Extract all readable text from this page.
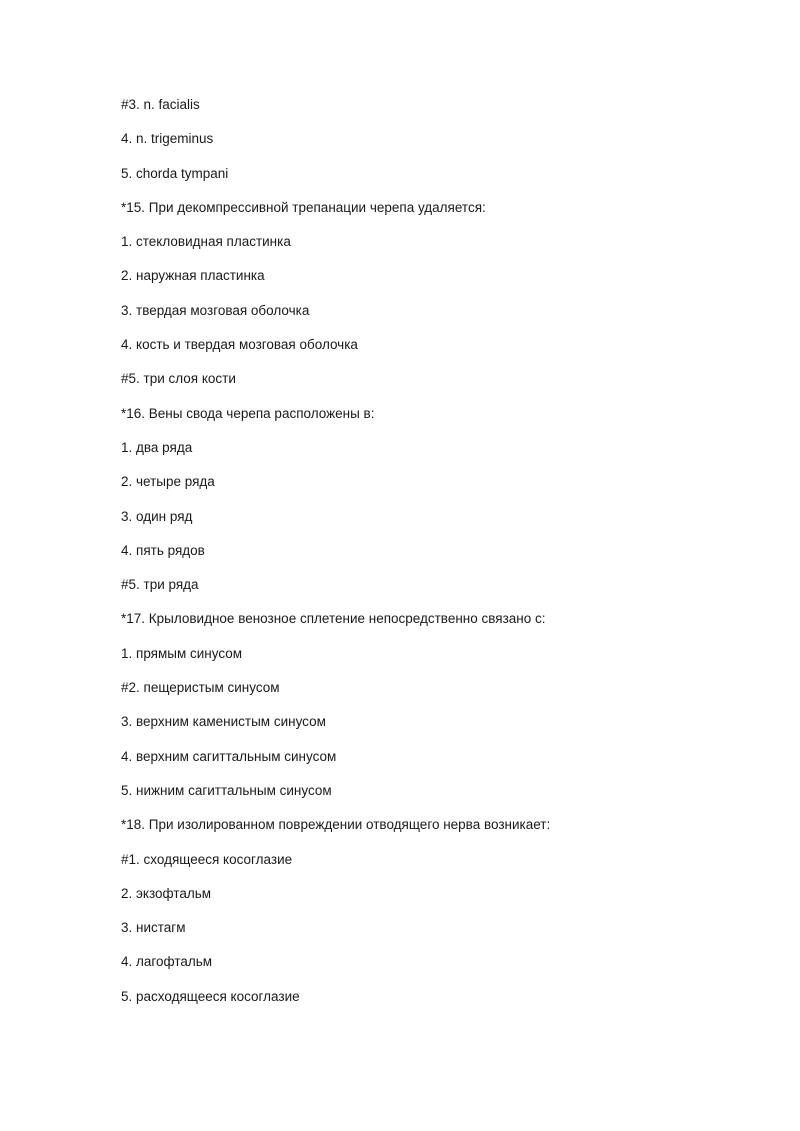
#3. n. facialis
4. n. trigeminus
5. chorda tympani
*15. При декомпрессивной трепанации черепа удаляется:
1. стекловидная пластинка
2. наружная пластинка
3. твердая мозговая оболочка
4. кость и твердая мозговая оболочка
#5. три слоя кости
*16. Вены свода черепа расположены в:
1. два ряда
2. четыре ряда
3. один ряд
4. пять рядов
#5. три ряда
*17. Крыловидное венозное сплетение непосредственно связано с:
1. прямым синусом
#2. пещеристым синусом
3. верхним каменистым синусом
4. верхним сагиттальным синусом
5. нижним сагиттальным синусом
*18. При изолированном повреждении отводящего нерва возникает:
#1. сходящееся косоглазие
2. экзофтальм
3. нистагм
4. лагофтальм
5. расходящееся косоглазие
